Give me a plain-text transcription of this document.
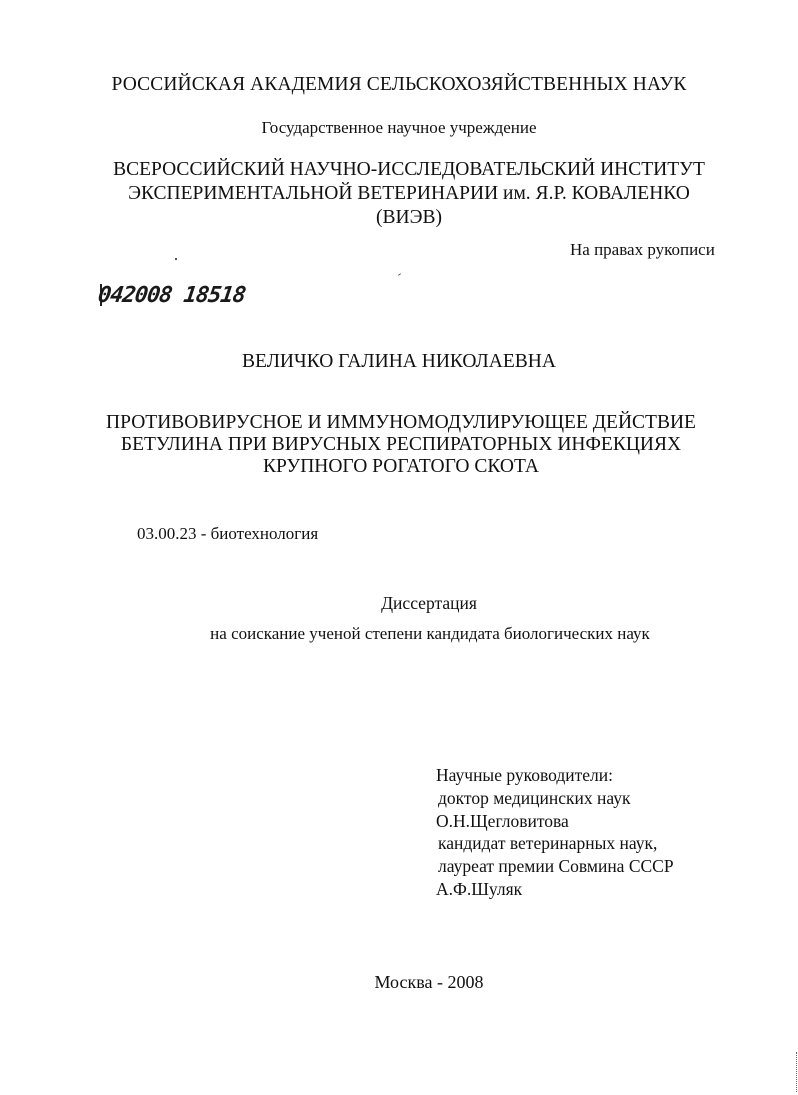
РОССИЙСКАЯ АКАДЕМИЯ СЕЛЬСКОХОЗЯЙСТВЕННЫХ НАУК
Государственное научное учреждение
ВСЕРОССИЙСКИЙ НАУЧНО-ИССЛЕДОВАТЕЛЬСКИЙ ИНСТИТУТ
ЭКСПЕРИМЕНТАЛЬНОЙ ВЕТЕРИНАРИИ им. Я.Р. КОВАЛЕНКО
(ВИЭВ)
На правах рукописи
042008 18518
ВЕЛИЧКО ГАЛИНА НИКОЛАЕВНА
ПРОТИВОВИРУСНОЕ И ИММУНОМОДУЛИРУЮЩЕЕ ДЕЙСТВИЕ
БЕТУЛИНА ПРИ ВИРУСНЫХ РЕСПИРАТОРНЫХ ИНФЕКЦИЯХ
КРУПНОГО РОГАТОГО СКОТА
03.00.23 - биотехнология
Диссертация
на соискание ученой степени кандидата биологических наук
Научные руководители:
доктор медицинских наук
О.Н.Щегловитова
кандидат ветеринарных наук,
лауреат премии Совмина СССР
А.Ф.Шуляк
Москва - 2008
